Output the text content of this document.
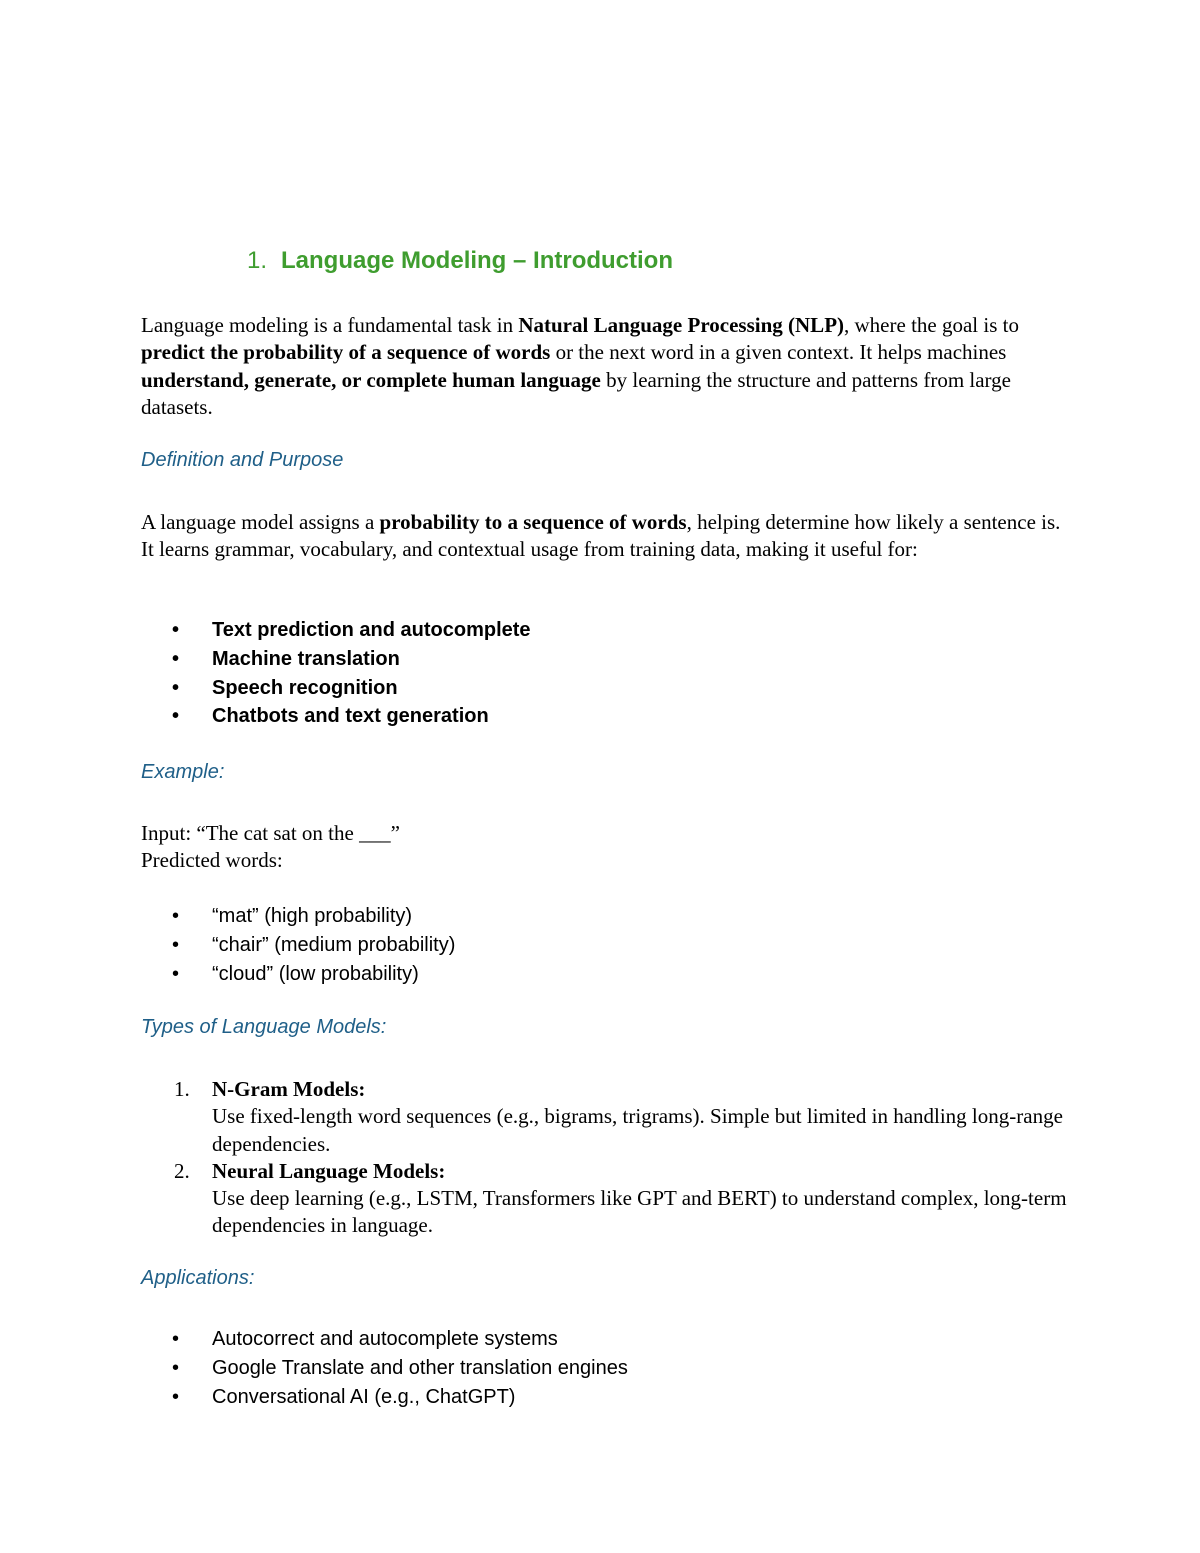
1. Language Modeling – Introduction

Language modeling is a fundamental task in Natural Language Processing (NLP), where the goal is to predict the probability of a sequence of words or the next word in a given context. It helps machines understand, generate, or complete human language by learning the structure and patterns from large datasets.

Definition and Purpose

A language model assigns a probability to a sequence of words, helping determine how likely a sentence is. It learns grammar, vocabulary, and contextual usage from training data, making it useful for:

• Text prediction and autocomplete
• Machine translation
• Speech recognition
• Chatbots and text generation
Example:
Input: “The cat sat on the ___”
Predicted words:
• “mat” (high probability)
• “chair” (medium probability)
• “cloud” (low probability)
Types of Language Models:
1. N-Gram Models:
Use fixed-length word sequences (e.g., bigrams, trigrams). Simple but limited in handling long-range dependencies.
2. Neural Language Models:
Use deep learning (e.g., LSTM, Transformers like GPT and BERT) to understand complex, long-term dependencies in language.
Applications:
• Autocorrect and autocomplete systems
• Google Translate and other translation engines
• Conversational AI (e.g., ChatGPT)
